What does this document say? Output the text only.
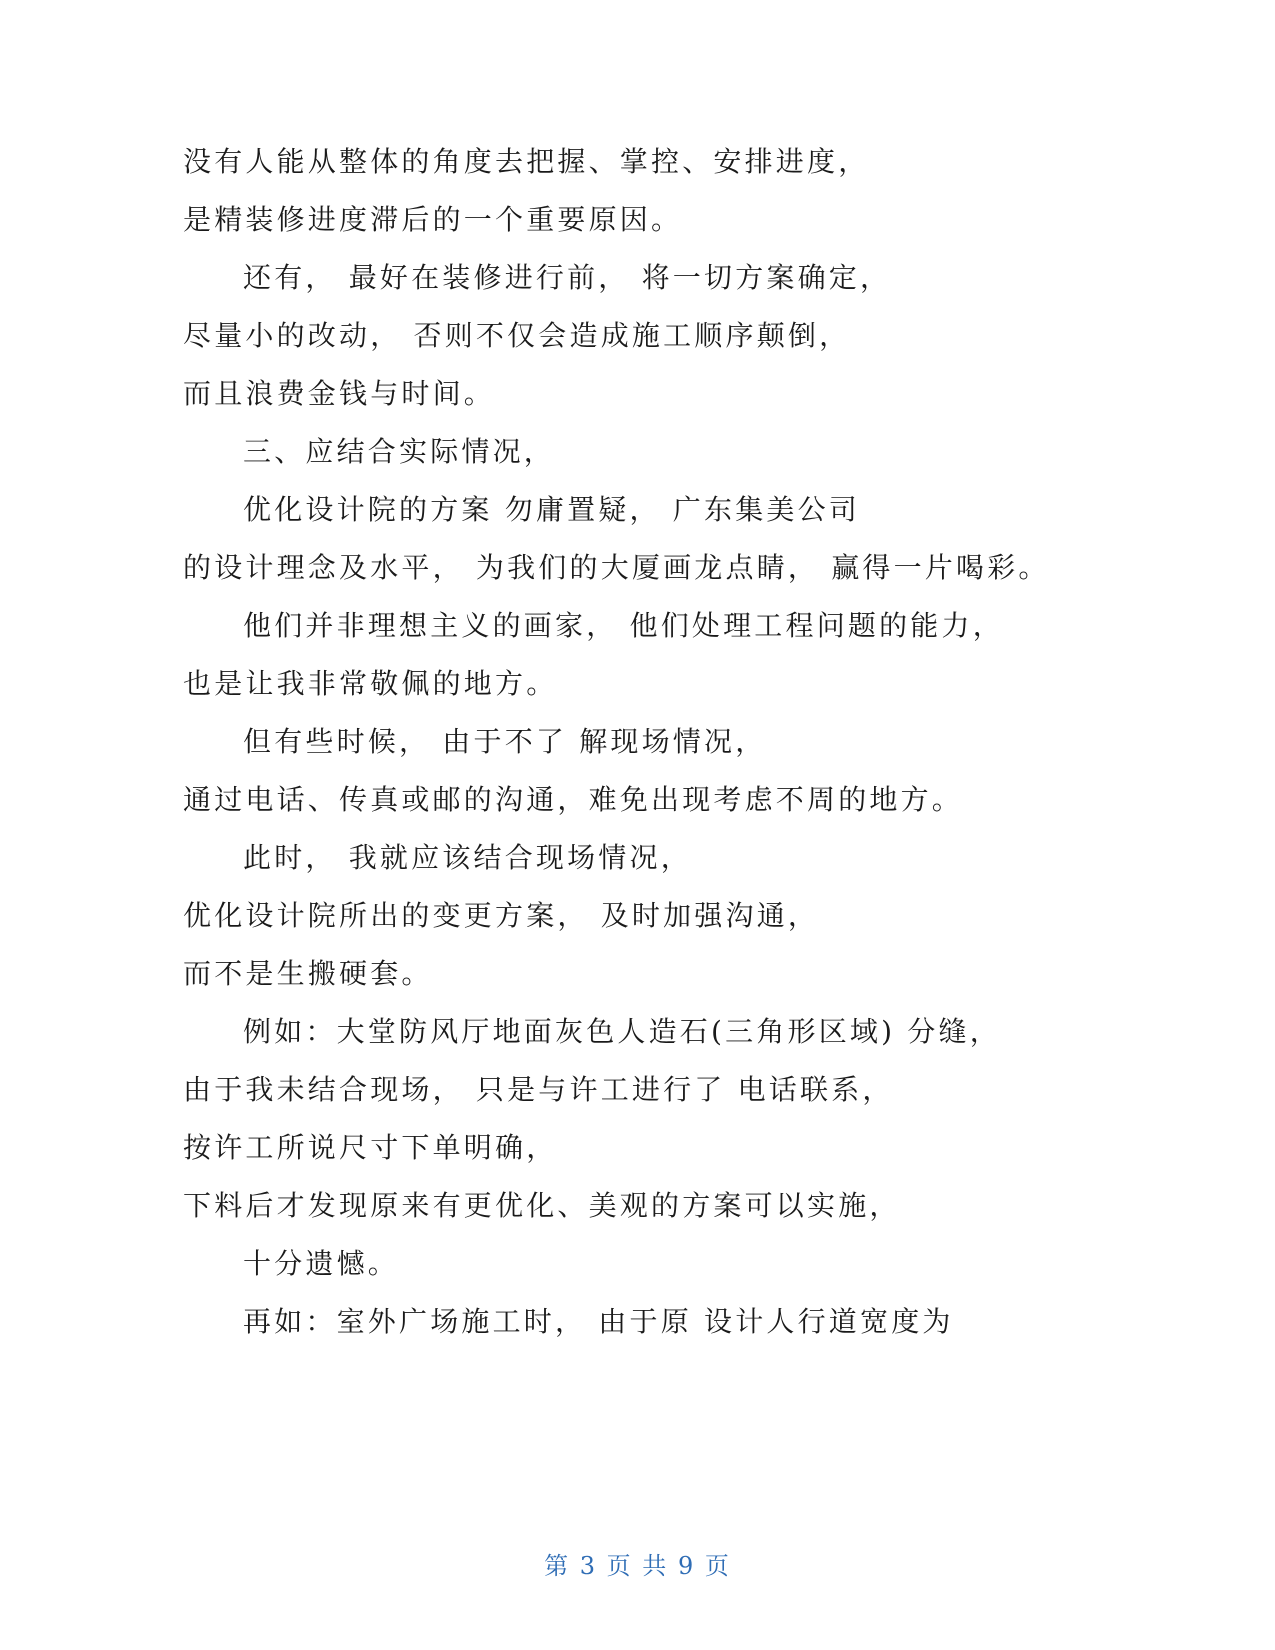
没有人能从整体的角度去把握、掌控、安排进度，
是精装修进度滞后的一个重要原因。
还有， 最好在装修进行前， 将一切方案确定，
尽量小的改动， 否则不仅会造成施工顺序颠倒，
而且浪费金钱与时间。
三、应结合实际情况，
优化设计院的方案 勿庸置疑， 广东集美公司
的设计理念及水平， 为我们的大厦画龙点睛， 赢得一片喝彩。
他们并非理想主义的画家， 他们处理工程问题的能力，
也是让我非常敬佩的地方。
但有些时候， 由于不了 解现场情况，
通过电话、传真或邮的沟通，难免出现考虑不周的地方。
此时， 我就应该结合现场情况，
优化设计院所出的变更方案， 及时加强沟通，
而不是生搬硬套。
例如：大堂防风厅地面灰色人造石(三角形区域) 分缝，
由于我未结合现场， 只是与许工进行了 电话联系，
按许工所说尺寸下单明确，
下料后才发现原来有更优化、美观的方案可以实施，
十分遗憾。
再如：室外广场施工时， 由于原 设计人行道宽度为
第 3 页 共 9 页
